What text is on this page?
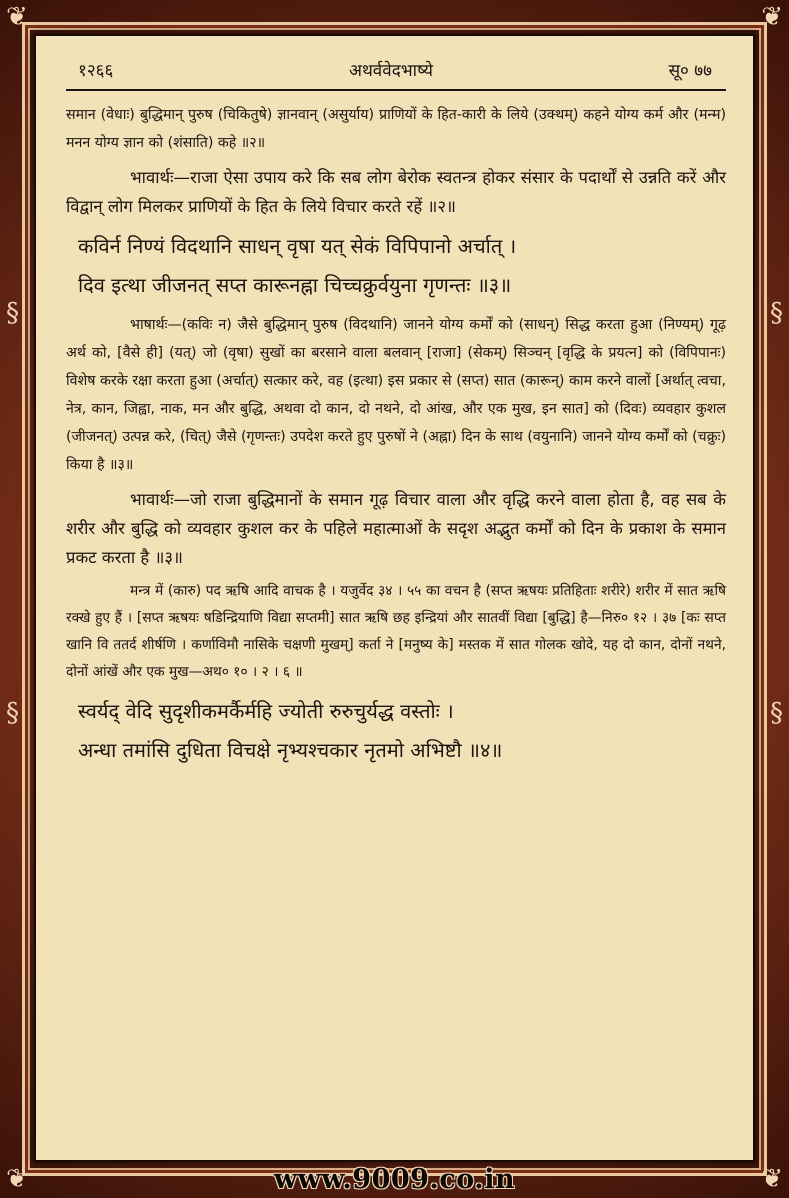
❦	❦
❦	❦
§
§
§
§
१२६६	अथर्ववेदभाष्ये	सू० ७७

समान (वेधाः) बुद्धिमान् पुरुष (चिकितुषे) ज्ञानवान् (असुर्याय) प्राणियों के हित-कारी के लिये (उक्थम्) कहने योग्य कर्म और (मन्म) मनन योग्य ज्ञान को (शंसाति) कहे ॥२॥

भावार्थः—राजा ऐसा उपाय करे कि सब लोग बेरोक स्वतन्त्र होकर संसार के पदार्थों से उन्नति करें और विद्वान् लोग मिलकर प्राणियों के हित के लिये विचार करते रहें ॥२॥

कविर्न निण्यं विदथानि साधन् वृषा यत् सेकं विपिपानो अर्चात् ।

दिव इत्था जीजनत् सप्त कारूनह्ना चिच्चक्रुर्वयुना गृणन्तः ॥३॥

भाषार्थः—(कविः न) जैसे बुद्धिमान् पुरुष (विदथानि) जानने योग्य कर्मों को (साधन्) सिद्ध करता हुआ (निण्यम्) गूढ़ अर्थ को, [वैसे ही] (यत्) जो (वृषा) सुखों का बरसाने वाला बलवान् [राजा] (सेकम्) सिञ्चन् [वृद्धि के प्रयत्न] को (विपिपानः) विशेष करके रक्षा करता हुआ (अर्चात्) सत्कार करे, वह (इत्था) इस प्रकार से (सप्त) सात (कारून्) काम करने वालों [अर्थात् त्वचा, नेत्र, कान, जिह्वा, नाक, मन और बुद्धि, अथवा दो कान, दो नथने, दो आंख, और एक मुख, इन सात] को (दिवः) व्यवहार कुशल (जीजनत्) उत्पन्न करे, (चित्) जैसे (गृणन्तः) उपदेश करते हुए पुरुषों ने (अह्ना) दिन के साथ (वयुनानि) जानने योग्य कर्मों को (चक्रुः) किया है ॥३॥

भावार्थः—जो राजा बुद्धिमानों के समान गूढ़ विचार वाला और वृद्धि करने वाला होता है, वह सब के शरीर और बुद्धि को व्यवहार कुशल कर के पहिले महात्माओं के सदृश अद्भुत कर्मों को दिन के प्रकाश के समान प्रकट करता है ॥३॥

मन्त्र में (कारु) पद ऋषि आदि वाचक है । यजुर्वेद ३४ । ५५ का वचन है (सप्त ऋषयः प्रतिहिताः शरीरे) शरीर में सात ऋषि रक्खे हुए हैं । [सप्त ऋषयः षडिन्द्रियाणि विद्या सप्तमी] सात ऋषि छह इन्द्रियां और सातवीं विद्या [बुद्धि] है—निरु० १२ । ३७ [कः सप्त खानि वि ततर्द शीर्षणि । कर्णाविमौ नासिके चक्षणी मुखम्] कर्ता ने [मनुष्य के] मस्तक में सात गोलक खोदे, यह दो कान, दोनों नथने, दोनों आंखें और एक मुख—अथ० १० । २ । ६ ॥

स्वर्यद् वेदि सुदृशीकमर्कैर्महि ज्योती रुरुचुर्यद्ध वस्तोः ।

अन्धा तमांसि दुधिता विचक्षे नृभ्यश्चकार नृतमो अभिष्टौ ॥४॥

www.9009.co.in
